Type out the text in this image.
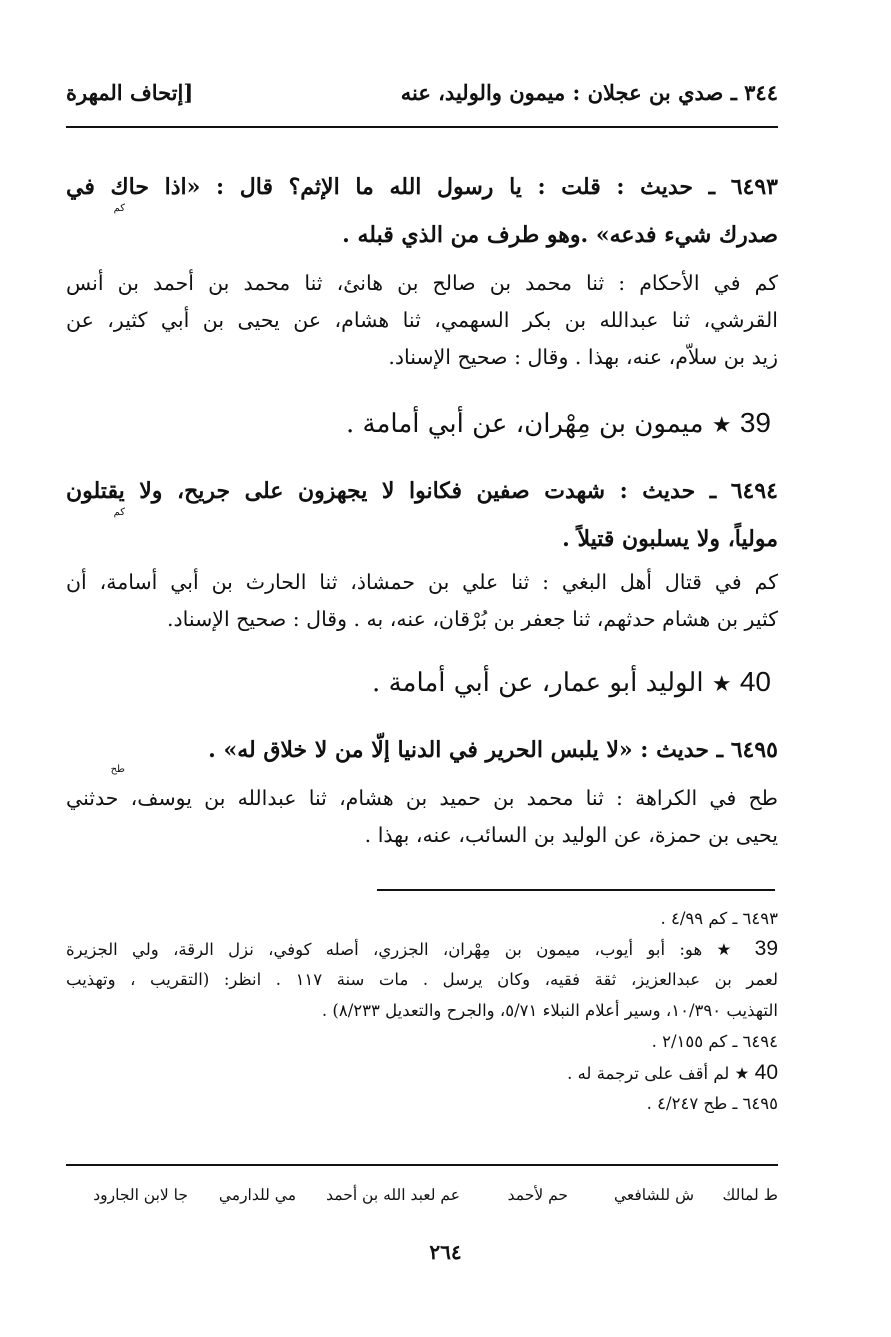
٣٤٤ ـ صدي بن عجلان : ميمون والوليد، عنه
[إتحاف المهرة
٦٤٩٣ ـ حديث : قلت : يا رسول الله ما الإثم؟ قال : «اذا حاك في
كم
صدرك شيء فدعه» .وهو طرف من الذي قبله .
كم في الأحكام : ثنا محمد بن صالح بن هانئ، ثنا محمد بن أحمد بن أنس
القرشي، ثنا عبدالله بن بكر السهمي، ثنا هشام، عن يحيى بن أبي كثير، عن
زيد بن سلاّم، عنه، بهذا . وقال : صحيح الإسناد.
39 ★ ميمون بن مِهْران، عن أبي أمامة .
٦٤٩٤ ـ حديث : شهدت صفين فكانوا لا يجهزون على جريح، ولا يقتلون
كم
مولياً، ولا يسلبون قتيلاً .
كم في قتال أهل البغي : ثنا علي بن حمشاذ، ثنا الحارث بن أبي أسامة، أن
كثير بن هشام حدثهم، ثنا جعفر بن بُرْقان، عنه، به . وقال : صحيح الإسناد.
40 ★ الوليد أبو عمار، عن أبي أمامة .
٦٤٩٥ ـ حديث : «لا يلبس الحرير في الدنيا إلّا من لا خلاق له» .
طح
طح في الكراهة : ثنا محمد بن حميد بن هشام، ثنا عبدالله بن يوسف، حدثني
يحيى بن حمزة، عن الوليد بن السائب، عنه، بهذا .
٦٤٩٣ ـ كم ٤/٩٩ .
39 ★ هو: أبو أيوب، ميمون بن مِهْران، الجزري، أصله كوفي، نزل الرقة، ولي الجزيرة
لعمر بن عبدالعزيز، ثقة فقيه، وكان يرسل . مات سنة ١١٧ . انظر: (التقريب ، وتهذيب
التهذيب ١٠/٣٩٠، وسير أعلام النبلاء ٥/٧١، والجرح والتعديل ٨/٢٣٣) .
٦٤٩٤ ـ كم ٢/١٥٥ .
40 ★ لم أقف على ترجمة له .
٦٤٩٥ ـ طح ٤/٢٤٧ .
ط لمالك
ش للشافعي
حم لأحمد
عم لعبد الله بن أحمد
مي للدارمي
جا لابن الجارود
٢٦٤
